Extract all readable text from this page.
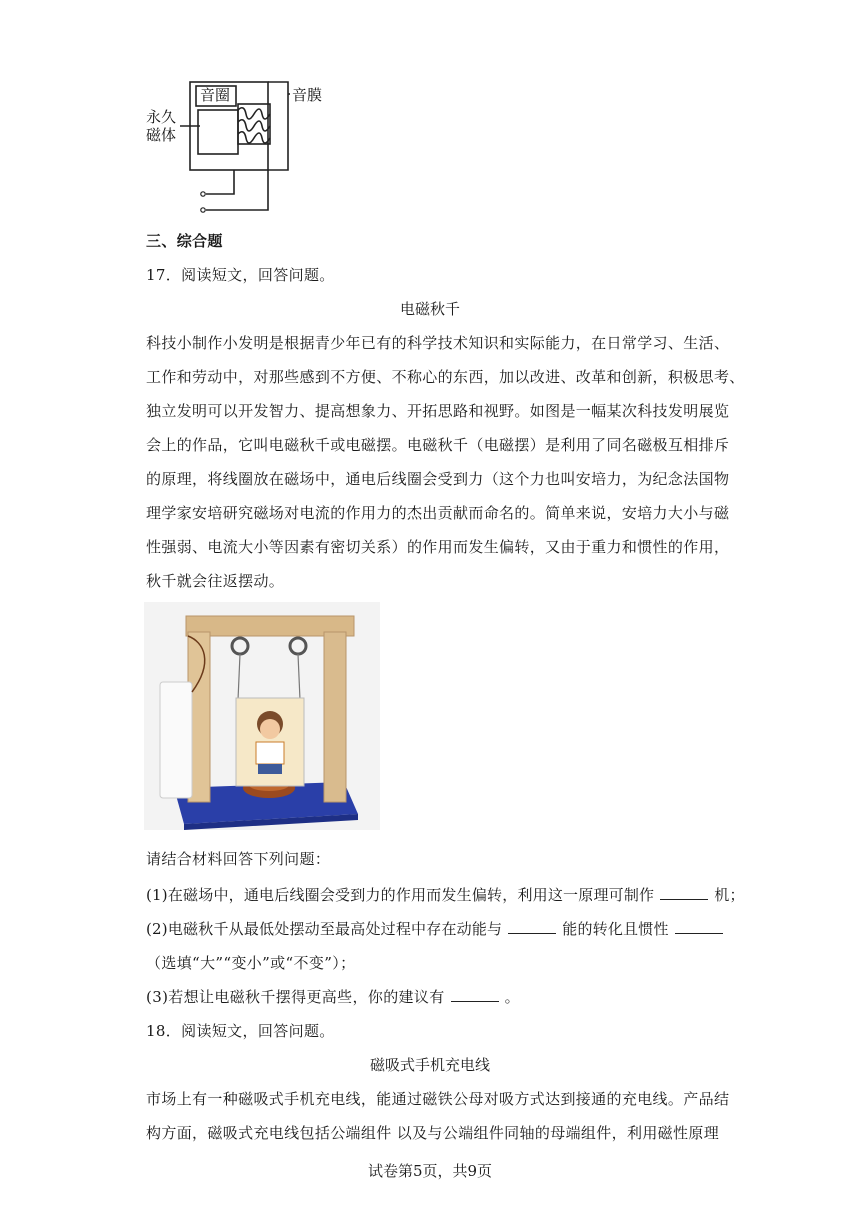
音圈	音膜
永久
磁体
三、综合题
17．阅读短文，回答问题。
电磁秋千
科技小制作小发明是根据青少年已有的科学技术知识和实际能力，在日常学习、生活、
工作和劳动中，对那些感到不方便、不称心的东西，加以改进、改革和创新，积极思考、
独立发明可以开发智力、提高想象力、开拓思路和视野。如图是一幅某次科技发明展览
会上的作品，它叫电磁秋千或电磁摆。电磁秋千（电磁摆）是利用了同名磁极互相排斥
的原理，将线圈放在磁场中，通电后线圈会受到力（这个力也叫安培力，为纪念法国物
理学家安培研究磁场对电流的作用力的杰出贡献而命名的。简单来说，安培力大小与磁
性强弱、电流大小等因素有密切关系）的作用而发生偏转，又由于重力和惯性的作用，
秋千就会往返摆动。
请结合材料回答下列问题：
(1)在磁场中，通电后线圈会受到力的作用而发生偏转，利用这一原理可制作	机；
(2)电磁秋千从最低处摆动至最高处过程中存在动能与	能的转化且惯性
（选填“大”“变小”或“不变”）；
(3)若想让电磁秋千摆得更高些，你的建议有	。
18．阅读短文，回答问题。
磁吸式手机充电线
市场上有一种磁吸式手机充电线，能通过磁铁公母对吸方式达到接通的充电线。产品结
构方面，磁吸式充电线包括公端组件 以及与公端组件同轴的母端组件，利用磁性原理
试卷第5页，共9页
